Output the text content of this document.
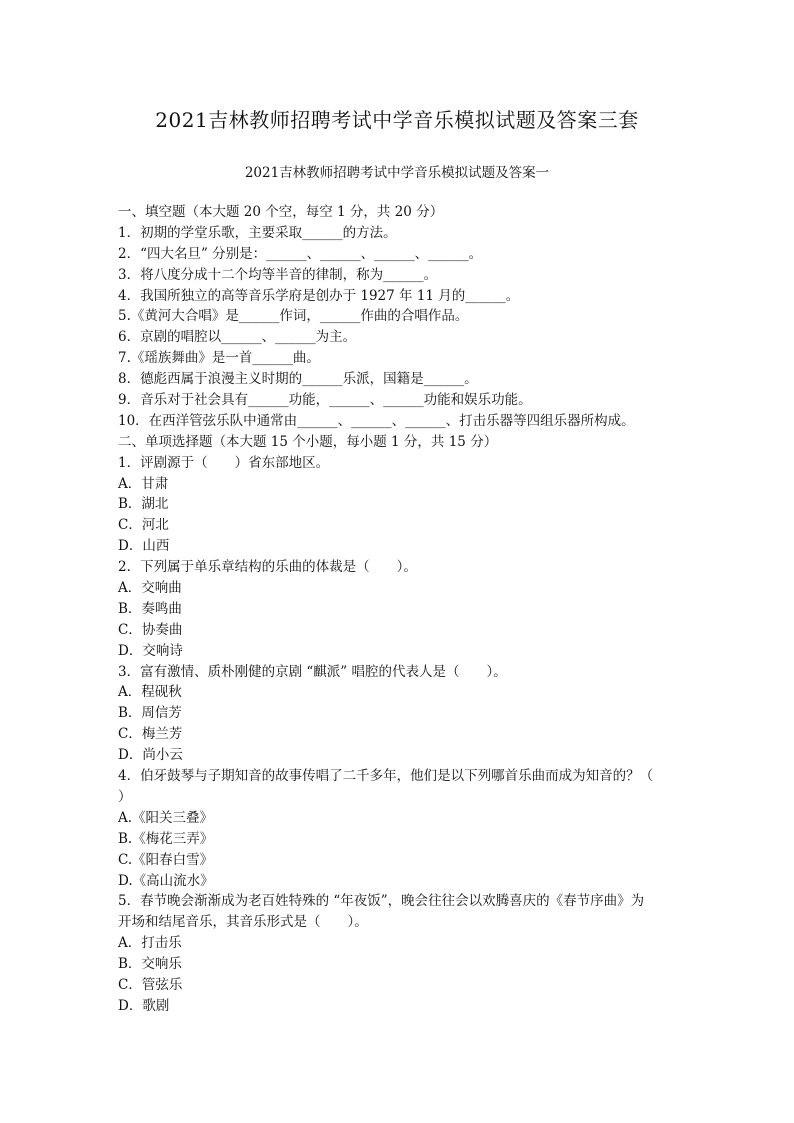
2021吉林教师招聘考试中学音乐模拟试题及答案三套
2021吉林教师招聘考试中学音乐模拟试题及答案一
一、填空题（本大题 20 个空，每空 1 分，共 20 分）
1．初期的学堂乐歌，主要采取______的方法。
2．“四大名旦” 分别是：______、______、______、______。
3．将八度分成十二个均等半音的律制，称为______。
4．我国所独立的高等音乐学府是创办于 1927 年 11 月的______。
5.《黄河大合唱》是______作词，______作曲的合唱作品。
6．京剧的唱腔以______、______为主。
7.《瑶族舞曲》是一首______曲。
8．德彪西属于浪漫主义时期的______乐派，国籍是______。
9．音乐对于社会具有______功能，______、______功能和娱乐功能。
10．在西洋管弦乐队中通常由______、______、______、打击乐器等四组乐器所构成。
二、单项选择题（本大题 15 个小题，每小题 1 分，共 15 分）
1．评剧源于（　　）省东部地区。
A．甘肃
B．湖北
C．河北
D．山西
2．下列属于单乐章结构的乐曲的体裁是（　　）。
A．交响曲
B．奏鸣曲
C．协奏曲
D．交响诗
3．富有激情、质朴刚健的京剧 “麒派” 唱腔的代表人是（　　）。
A．程砚秋
B．周信芳
C．梅兰芳
D．尚小云
4．伯牙鼓琴与子期知音的故事传唱了二千多年，他们是以下列哪首乐曲而成为知音的？（
）
A.《阳关三叠》
B.《梅花三弄》
C.《阳春白雪》
D.《高山流水》
5．春节晚会渐渐成为老百姓特殊的 “年夜饭”，晚会往往会以欢腾喜庆的《春节序曲》为
开场和结尾音乐，其音乐形式是（　　）。
A．打击乐
B．交响乐
C．管弦乐
D．歌剧
